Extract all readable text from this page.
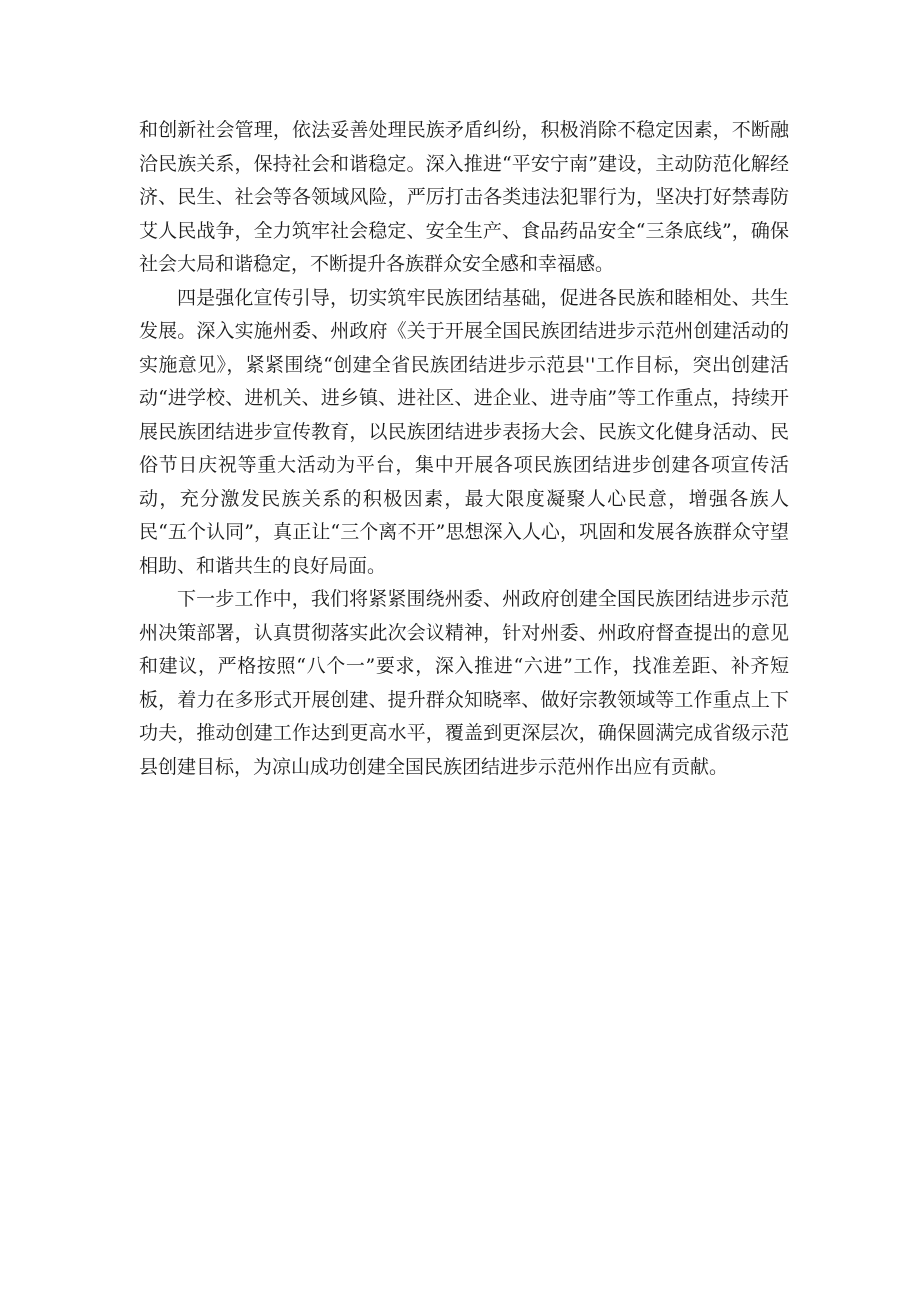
和创新社会管理，依法妥善处理民族矛盾纠纷，积极消除不稳定因素，不断融洽民族关系，保持社会和谐稳定。深入推进“平安宁南”建设，主动防范化解经济、民生、社会等各领域风险，严厉打击各类违法犯罪行为，坚决打好禁毒防艾人民战争，全力筑牢社会稳定、安全生产、食品药品安全“三条底线”，确保社会大局和谐稳定，不断提升各族群众安全感和幸福感。

四是强化宣传引导，切实筑牢民族团结基础，促进各民族和睦相处、共生发展。深入实施州委、州政府《关于开展全国民族团结进步示范州创建活动的实施意见》，紧紧围绕“创建全省民族团结进步示范县''工作目标，突出创建活动“进学校、进机关、进乡镇、进社区、进企业、进寺庙”等工作重点，持续开展民族团结进步宣传教育，以民族团结进步表扬大会、民族文化健身活动、民俗节日庆祝等重大活动为平台，集中开展各项民族团结进步创建各项宣传活动，充分激发民族关系的积极因素，最大限度凝聚人心民意，增强各族人民“五个认同”，真正让“三个离不开”思想深入人心，巩固和发展各族群众守望相助、和谐共生的良好局面。

下一步工作中，我们将紧紧围绕州委、州政府创建全国民族团结进步示范州决策部署，认真贯彻落实此次会议精神，针对州委、州政府督查提出的意见和建议，严格按照“八个一”要求，深入推进“六进”工作，找准差距、补齐短板，着力在多形式开展创建、提升群众知晓率、做好宗教领域等工作重点上下功夫，推动创建工作达到更高水平，覆盖到更深层次，确保圆满完成省级示范县创建目标，为凉山成功创建全国民族团结进步示范州作出应有贡献。
